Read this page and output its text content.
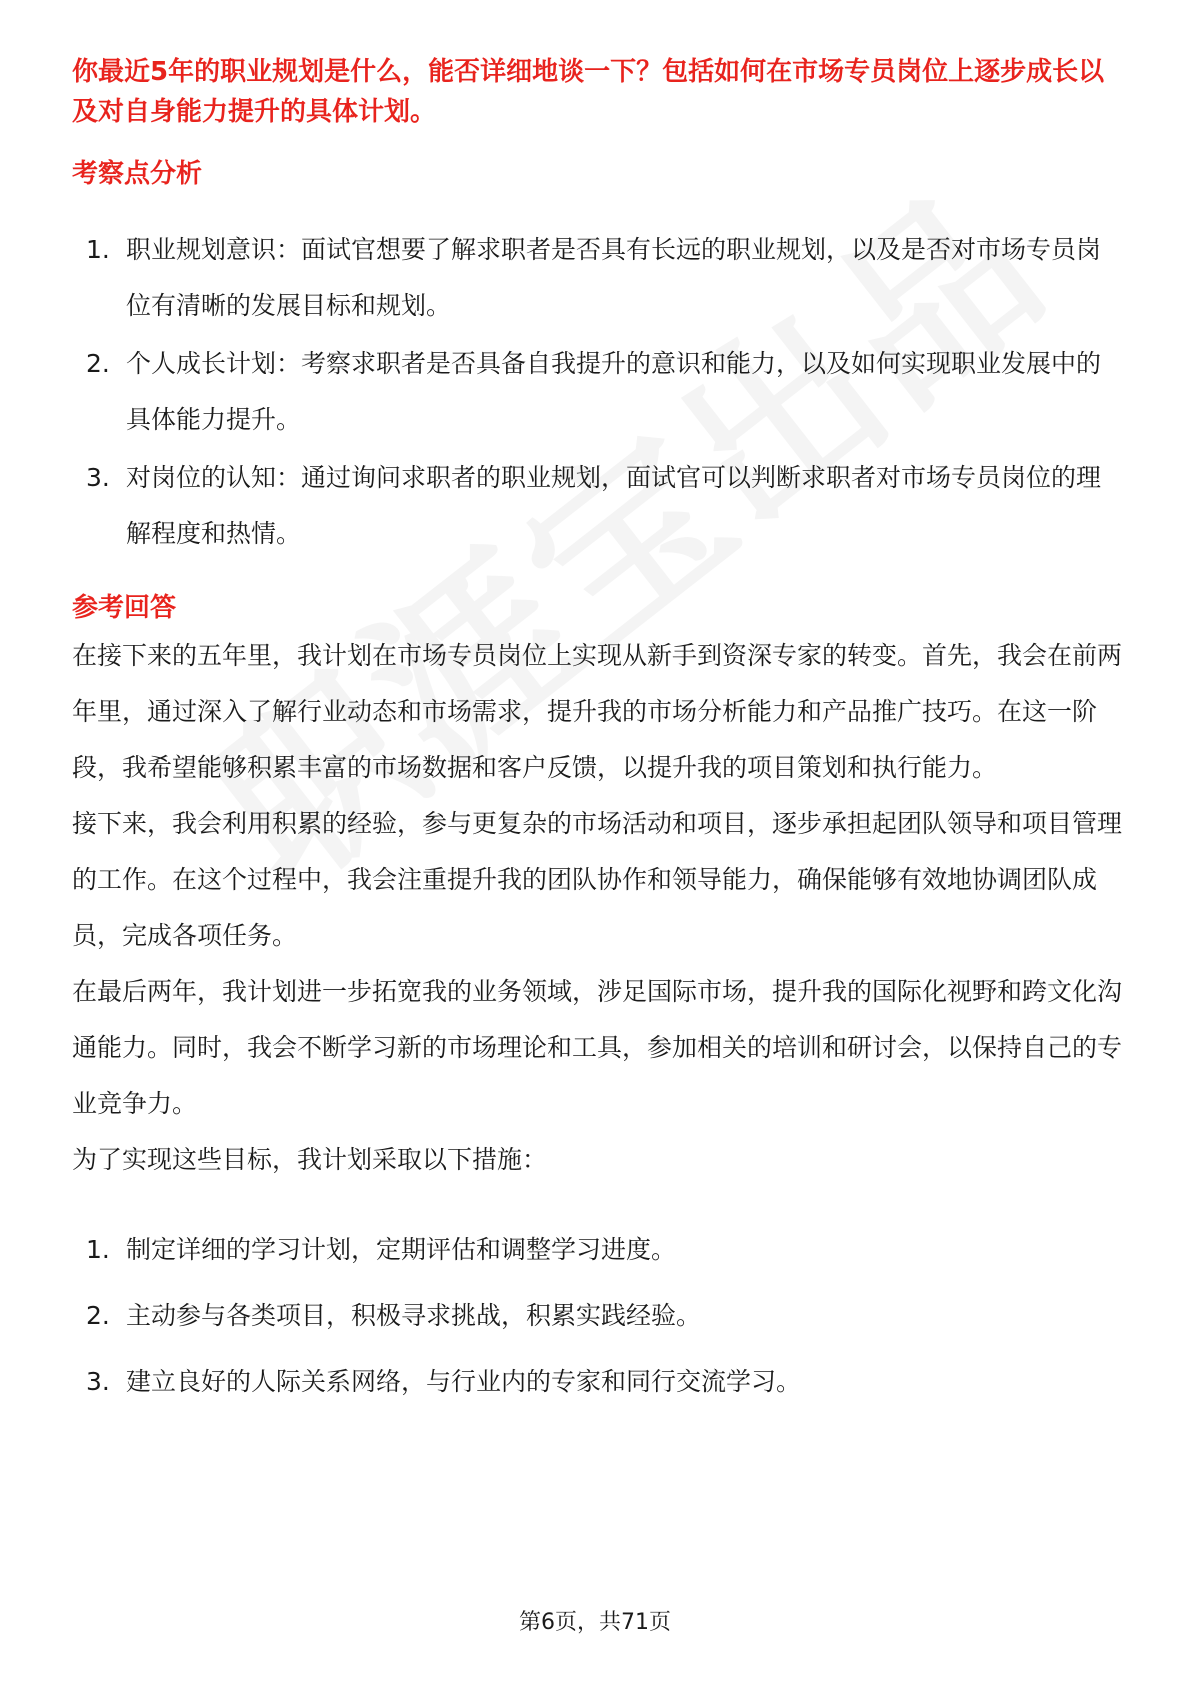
你最近5年的职业规划是什么，能否详细地谈一下？包括如何在市场专员岗位上逐步成长以及对自身能力提升的具体计划。

考察点分析
1. 职业规划意识：面试官想要了解求职者是否具有长远的职业规划，以及是否对市场专员岗位有清晰的发展目标和规划。
2. 个人成长计划：考察求职者是否具备自我提升的意识和能力，以及如何实现职业发展中的具体能力提升。
3. 对岗位的认知：通过询问求职者的职业规划，面试官可以判断求职者对市场专员岗位的理解程度和热情。
参考回答

在接下来的五年里，我计划在市场专员岗位上实现从新手到资深专家的转变。首先，我会在前两年里，通过深入了解行业动态和市场需求，提升我的市场分析能力和产品推广技巧。在这一阶段，我希望能够积累丰富的市场数据和客户反馈，以提升我的项目策划和执行能力。

接下来，我会利用积累的经验，参与更复杂的市场活动和项目，逐步承担起团队领导和项目管理的工作。在这个过程中，我会注重提升我的团队协作和领导能力，确保能够有效地协调团队成员，完成各项任务。

在最后两年，我计划进一步拓宽我的业务领域，涉足国际市场，提升我的国际化视野和跨文化沟通能力。同时，我会不断学习新的市场理论和工具，参加相关的培训和研讨会，以保持自己的专业竞争力。

为了实现这些目标，我计划采取以下措施：

1. 制定详细的学习计划，定期评估和调整学习进度。
2. 主动参与各类项目，积极寻求挑战，积累实践经验。
3. 建立良好的人际关系网络，与行业内的专家和同行交流学习。
第6页，共71页
